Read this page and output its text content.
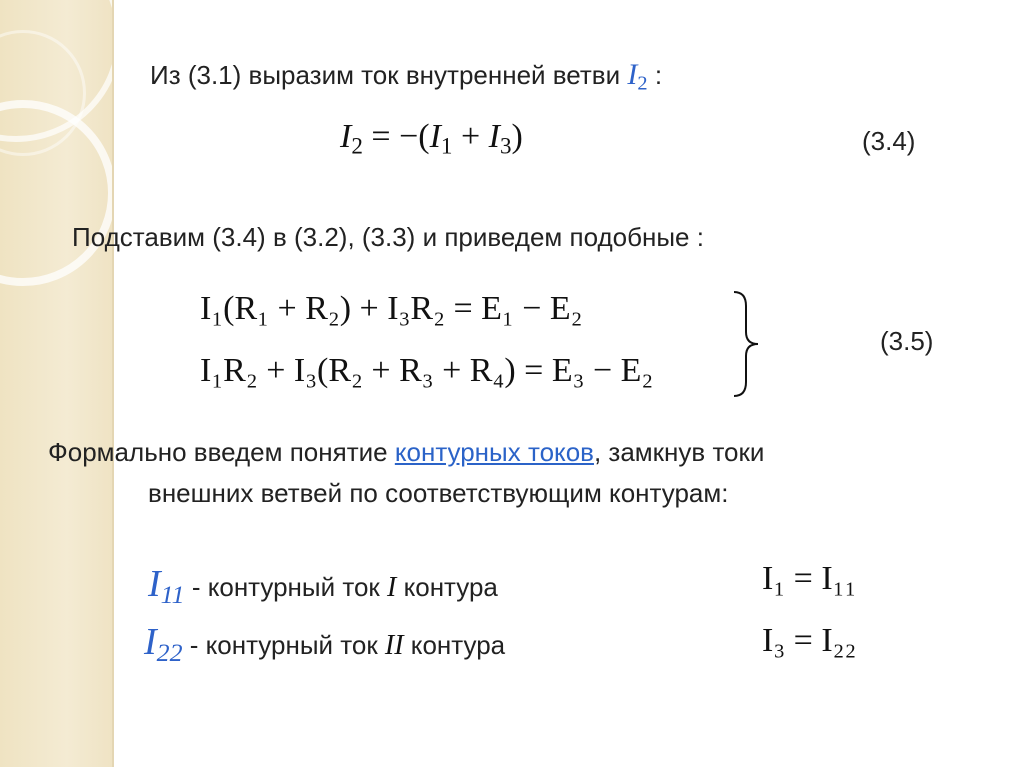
Из (3.1) выразим ток внутренней ветви $I_2$ :
$I_2 = -(I_1 + I_3)$	(3.4)
Подставим (3.4) в (3.2), (3.3) и приведем подобные :
I₁(R₁ + R₂) + I₃R₂ = E₁ − E₂
I₁R₂ + I₃(R₂ + R₃ + R₄) = E₃ − E₂
(3.5)
Формально введем понятие контурных токов, замкнув токи
внешних ветвей по соответствующим контурам:
$I_{11}$ - контурный ток I контура	I₁ = I₁₁
$I_{22}$ - контурный ток II контура	I₃ = I₂₂
